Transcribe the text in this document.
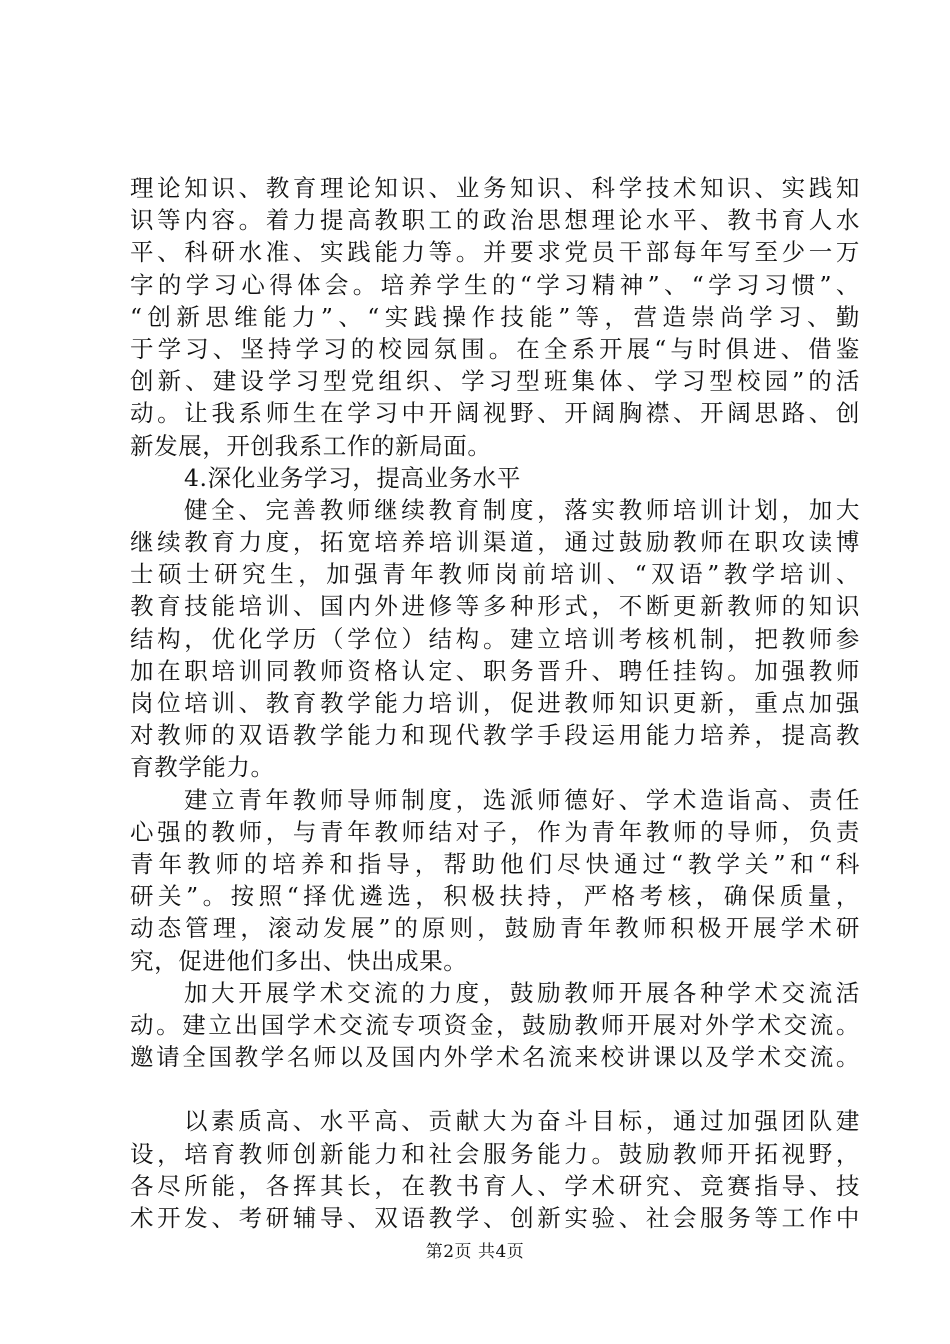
理论知识、教育理论知识、业务知识、科学技术知识、实践知
识等内容。着力提高教职工的政治思想理论水平、教书育人水
平、科研水准、实践能力等。并要求党员干部每年写至少一万
字的学习心得体会。培养学生的“学习精神”、“学习习惯”、
“创新思维能力”、“实践操作技能”等，营造崇尚学习、勤
于学习、坚持学习的校园氛围。在全系开展“与时俱进、借鉴
创新、建设学习型党组织、学习型班集体、学习型校园”的活
动。让我系师生在学习中开阔视野、开阔胸襟、开阔思路、创
新发展，开创我系工作的新局面。
4.深化业务学习，提高业务水平
健全、完善教师继续教育制度，落实教师培训计划，加大
继续教育力度，拓宽培养培训渠道，通过鼓励教师在职攻读博
士硕士研究生，加强青年教师岗前培训、“双语”教学培训、
教育技能培训、国内外进修等多种形式，不断更新教师的知识
结构，优化学历（学位）结构。建立培训考核机制，把教师参
加在职培训同教师资格认定、职务晋升、聘任挂钩。加强教师
岗位培训、教育教学能力培训，促进教师知识更新，重点加强
对教师的双语教学能力和现代教学手段运用能力培养，提高教
育教学能力。
建立青年教师导师制度，选派师德好、学术造诣高、责任
心强的教师，与青年教师结对子，作为青年教师的导师，负责
青年教师的培养和指导，帮助他们尽快通过“教学关”和“科
研关”。按照“择优遴选，积极扶持，严格考核，确保质量，
动态管理，滚动发展”的原则，鼓励青年教师积极开展学术研
究，促进他们多出、快出成果。
加大开展学术交流的力度，鼓励教师开展各种学术交流活
动。建立出国学术交流专项资金，鼓励教师开展对外学术交流。
邀请全国教学名师以及国内外学术名流来校讲课以及学术交流。
以素质高、水平高、贡献大为奋斗目标，通过加强团队建
设，培育教师创新能力和社会服务能力。鼓励教师开拓视野，
各尽所能，各挥其长，在教书育人、学术研究、竞赛指导、技
术开发、考研辅导、双语教学、创新实验、社会服务等工作中
第2页 共4页
